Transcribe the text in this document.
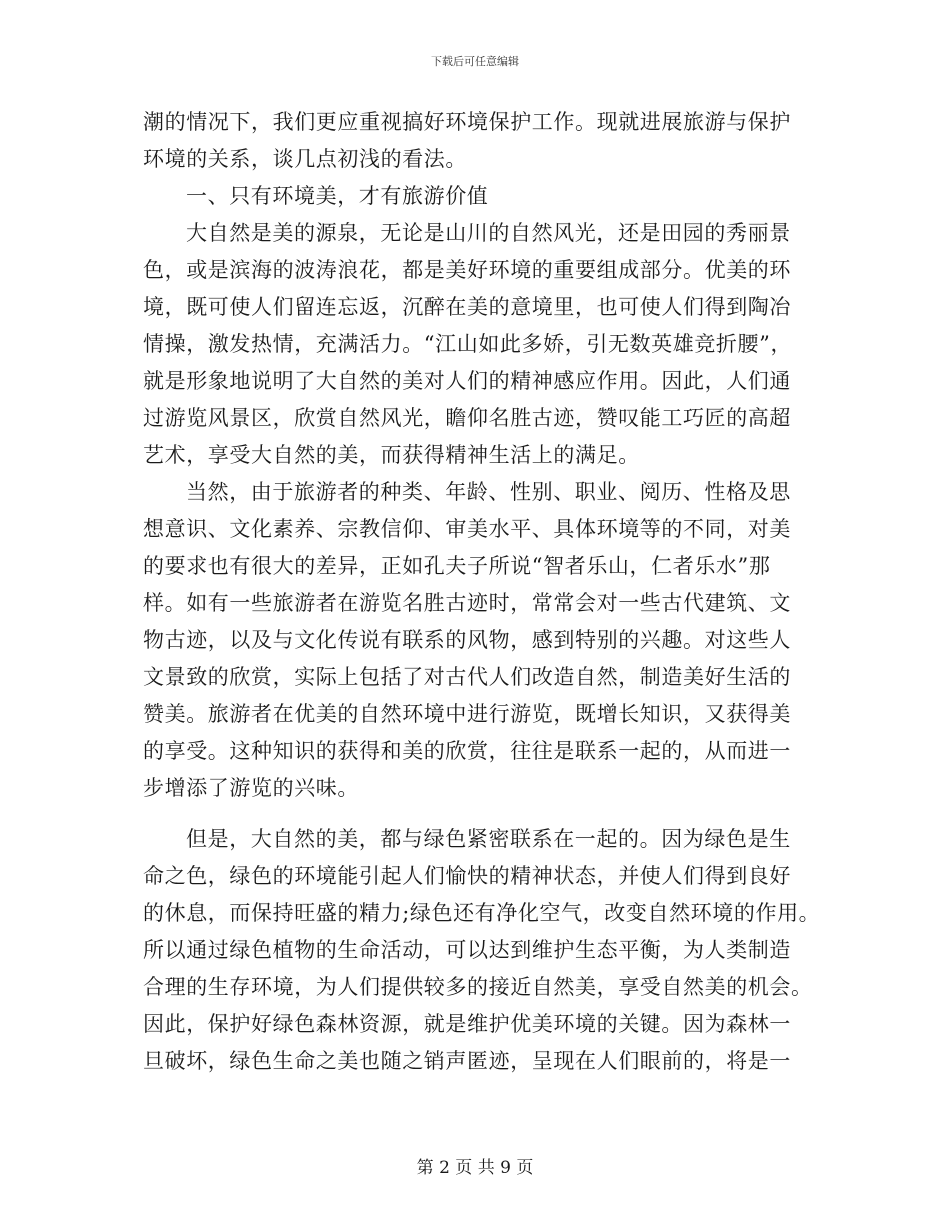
下载后可任意编辑
潮的情况下，我们更应重视搞好环境保护工作。现就进展旅游与保护
环境的关系，谈几点初浅的看法。
一、只有环境美，才有旅游价值
大自然是美的源泉，无论是山川的自然风光，还是田园的秀丽景
色，或是滨海的波涛浪花，都是美好环境的重要组成部分。优美的环
境，既可使人们留连忘返，沉醉在美的意境里，也可使人们得到陶冶
情操，激发热情，充满活力。“江山如此多娇，引无数英雄竞折腰”，
就是形象地说明了大自然的美对人们的精神感应作用。因此，人们通
过游览风景区，欣赏自然风光，瞻仰名胜古迹，赞叹能工巧匠的高超
艺术，享受大自然的美，而获得精神生活上的满足。
当然，由于旅游者的种类、年龄、性别、职业、阅历、性格及思
想意识、文化素养、宗教信仰、审美水平、具体环境等的不同，对美
的要求也有很大的差异，正如孔夫子所说“智者乐山，仁者乐水”那
样。如有一些旅游者在游览名胜古迹时，常常会对一些古代建筑、文
物古迹，以及与文化传说有联系的风物，感到特别的兴趣。对这些人
文景致的欣赏，实际上包括了对古代人们改造自然，制造美好生活的
赞美。旅游者在优美的自然环境中进行游览，既增长知识，又获得美
的享受。这种知识的获得和美的欣赏，往往是联系一起的，从而进一
步增添了游览的兴味。
但是，大自然的美，都与绿色紧密联系在一起的。因为绿色是生
命之色，绿色的环境能引起人们愉快的精神状态，并使人们得到良好
的休息，而保持旺盛的精力;绿色还有净化空气，改变自然环境的作用。
所以通过绿色植物的生命活动，可以达到维护生态平衡，为人类制造
合理的生存环境，为人们提供较多的接近自然美，享受自然美的机会。
因此，保护好绿色森林资源，就是维护优美环境的关键。因为森林一
旦破坏，绿色生命之美也随之销声匿迹，呈现在人们眼前的，将是一
第 2 页 共 9 页
